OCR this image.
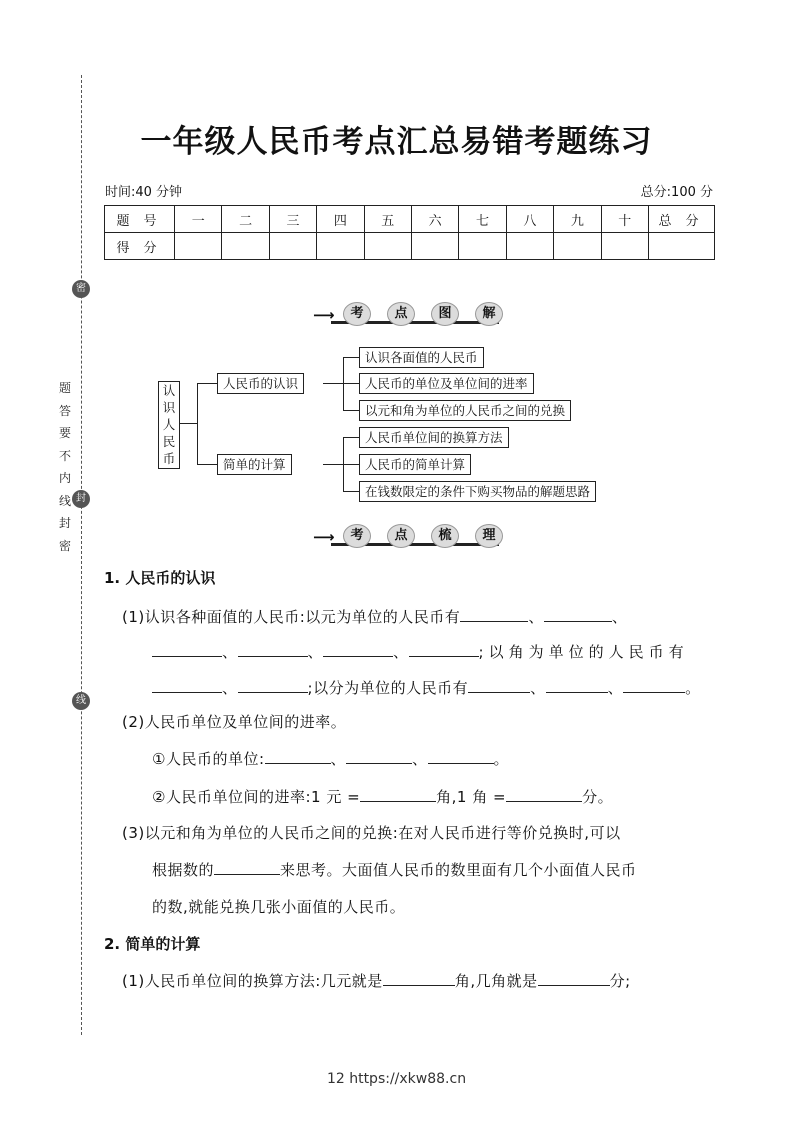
密
封
线
题
答
要
不
内
线
封
密
一年级人民币考点汇总易错考题练习
时间:40 分钟	总分:100 分
题号	一	二	三	四	五	六	七	八	九	十	总分
得分											
⟶	考	点	图	解
认
识
人
民
币
人民币的认识
简单的计算
认识各面值的人民币
人民币的单位及单位间的进率
以元和角为单位的人民币之间的兑换
人民币单位间的换算方法
人民币的简单计算
在钱数限定的条件下购买物品的解题思路
⟶	考	点	梳	理
1. 人民币的认识
(1)认识各种面值的人民币:以元为单位的人民币有	、	、
、	、	、	;以角为单位的人民币有
、	;以分为单位的人民币有	、	、	。
(2)人民币单位及单位间的进率。
①人民币的单位:	、	、	。
②人民币单位间的进率:1 元 =	角,1 角 =	分。
(3)以元和角为单位的人民币之间的兑换:在对人民币进行等价兑换时,可以
根据数的	来思考。大面值人民币的数里面有几个小面值人民币
的数,就能兑换几张小面值的人民币。
2. 简单的计算
(1)人民币单位间的换算方法:几元就是	角,几角就是	分;
12 https://xkw88.cn
